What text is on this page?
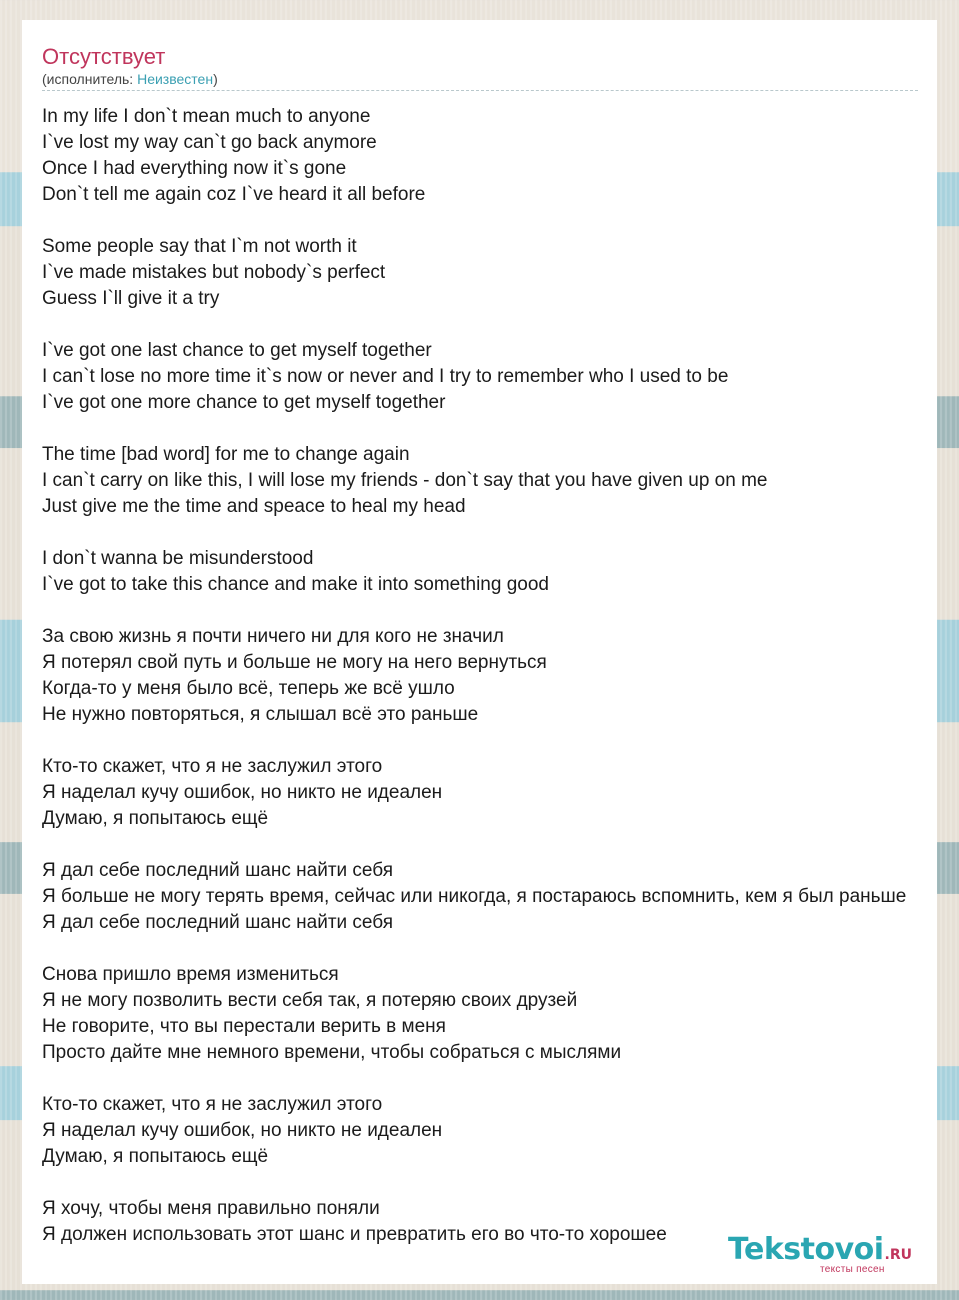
Отсутствует
(исполнитель: Неизвестен)
In my life I don`t mean much to anyone
I`ve lost my way can`t go back anymore
Once I had everything now it`s gone
Don`t tell me again coz I`ve heard it all before
Some people say that I`m not worth it
I`ve made mistakes but nobody`s perfect
Guess I`ll give it a try
I`ve got one last chance to get myself together
I can`t lose no more time it`s now or never and I try to remember who I used to be
I`ve got one more chance to get myself together
The time [bad word] for me to change again
I can`t carry on like this, I will lose my friends - don`t say that you have given up on me
Just give me the time and speace to heal my head
I don`t wanna be misunderstood
I`ve got to take this chance and make it into something good
За свою жизнь я почти ничего ни для кого не значил
Я потерял свой путь и больше не могу на него вернуться
Когда-то у меня было всё, теперь же всё ушло
Не нужно повторяться, я слышал всё это раньше
Кто-то скажет, что я не заслужил этого
Я наделал кучу ошибок, но никто не идеален
Думаю, я попытаюсь ещё
Я дал себе последний шанс найти себя
Я больше не могу терять время, сейчас или никогда, я постараюсь вспомнить, кем я был раньше
Я дал себе последний шанс найти себя
Снова пришло время измениться
Я не могу позволить вести себя так, я потеряю своих друзей
Не говорите, что вы перестали верить в меня
Просто дайте мне немного времени, чтобы собраться с мыслями
Кто-то скажет, что я не заслужил этого
Я наделал кучу ошибок, но никто не идеален
Думаю, я попытаюсь ещё
Я хочу, чтобы меня правильно поняли
Я должен использовать этот шанс и превратить его во что-то хорошее	Tekstovoi.RU
тексты песен
